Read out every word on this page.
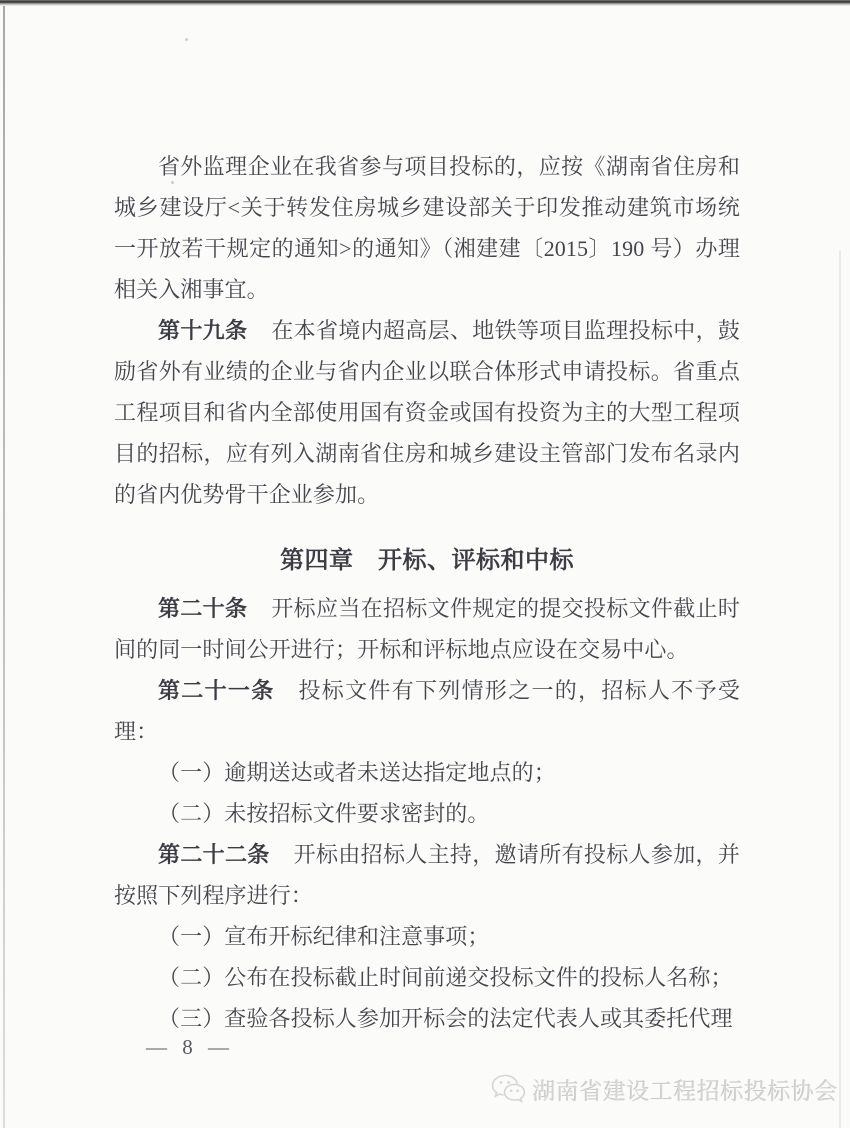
省外监理企业在我省参与项目投标的，应按《湖南省住房和城乡建设厅<关于转发住房城乡建设部关于印发推动建筑市场统一开放若干规定的通知>的通知》（湘建建〔2015〕190 号）办理相关入湘事宜。

第十九条 在本省境内超高层、地铁等项目监理投标中，鼓励省外有业绩的企业与省内企业以联合体形式申请投标。省重点工程项目和省内全部使用国有资金或国有投资为主的大型工程项目的招标，应有列入湖南省住房和城乡建设主管部门发布名录内的省内优势骨干企业参加。

第四章　开标、评标和中标

第二十条 开标应当在招标文件规定的提交投标文件截止时间的同一时间公开进行；开标和评标地点应设在交易中心。

第二十一条 投标文件有下列情形之一的，招标人不予受理：

（一）逾期送达或者未送达指定地点的；

（二）未按招标文件要求密封的。

第二十二条 开标由招标人主持，邀请所有投标人参加，并按照下列程序进行：

（一）宣布开标纪律和注意事项；

（二）公布在投标截止时间前递交投标文件的投标人名称；

（三）查验各投标人参加开标会的法定代表人或其委托代理

— 8 —
湖南省建设工程招标投标协会
